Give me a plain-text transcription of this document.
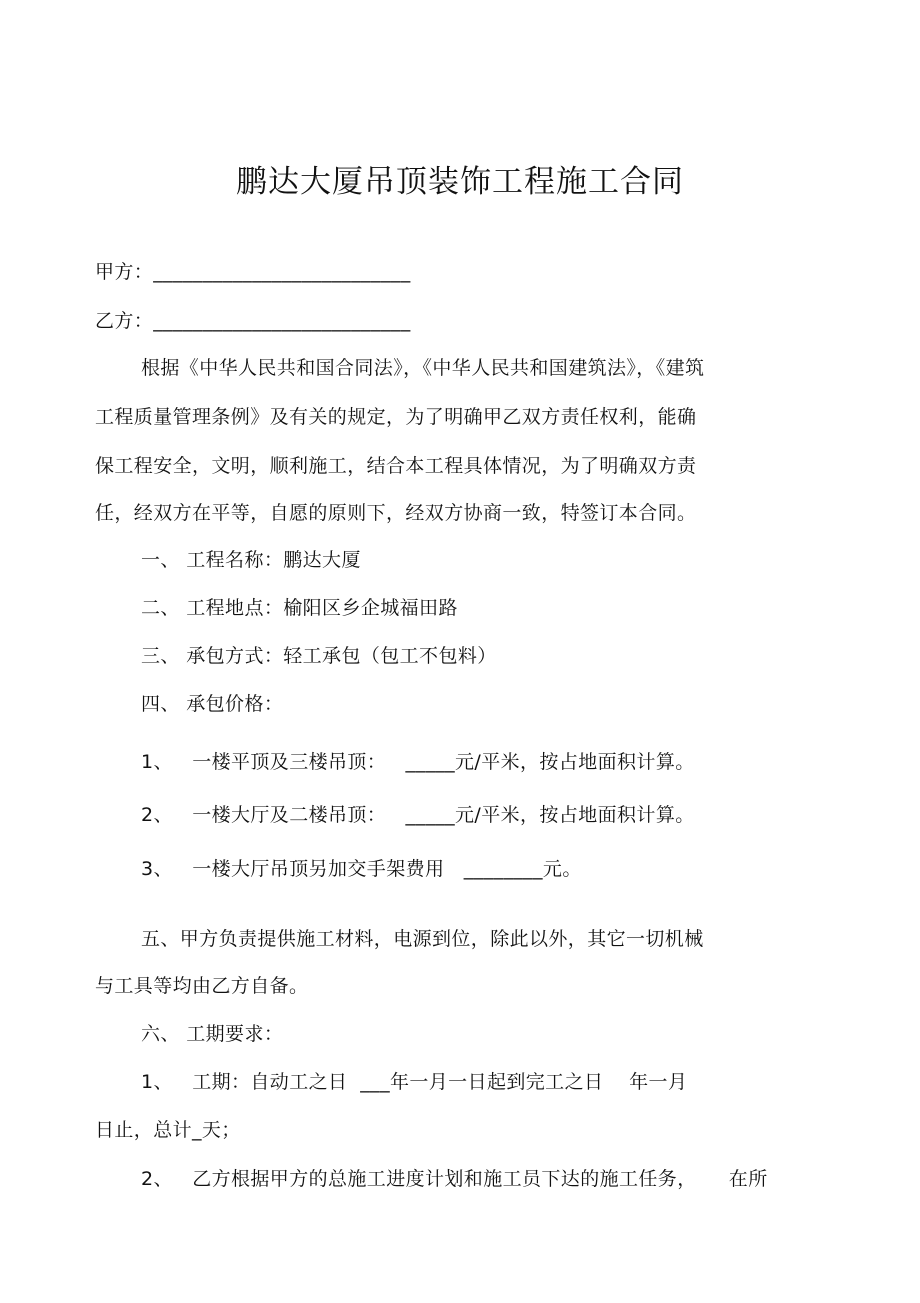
鹏达大厦吊顶装饰工程施工合同
甲方：__________________________
乙方：__________________________
根据《中华人民共和国合同法》，《中华人民共和国建筑法》，《建筑
工程质量管理条例》及有关的规定，为了明确甲乙双方责任权利，能确
保工程安全，文明，顺利施工，结合本工程具体情况，为了明确双方责
任，经双方在平等，自愿的原则下，经双方协商一致，特签订本合同。
一、 工程名称：鹏达大厦
二、 工程地点：榆阳区乡企城福田路
三、 承包方式：轻工承包（包工不包料）
四、 承包价格：
1、   一楼平顶及三楼吊顶：   _____元/平米，按占地面积计算。
2、   一楼大厅及二楼吊顶：   _____元/平米，按占地面积计算。
3、   一楼大厅吊顶另加交手架费用   ________元。
五、甲方负责提供施工材料，电源到位，除此以外，其它一切机械
与工具等均由乙方自备。
六、 工期要求：
1、   工期：自动工之日  ___年一月一日起到完工之日    年一月
日止，总计_天；
2、   乙方根据甲方的总施工进度计划和施工员下达的施工任务，     在所
